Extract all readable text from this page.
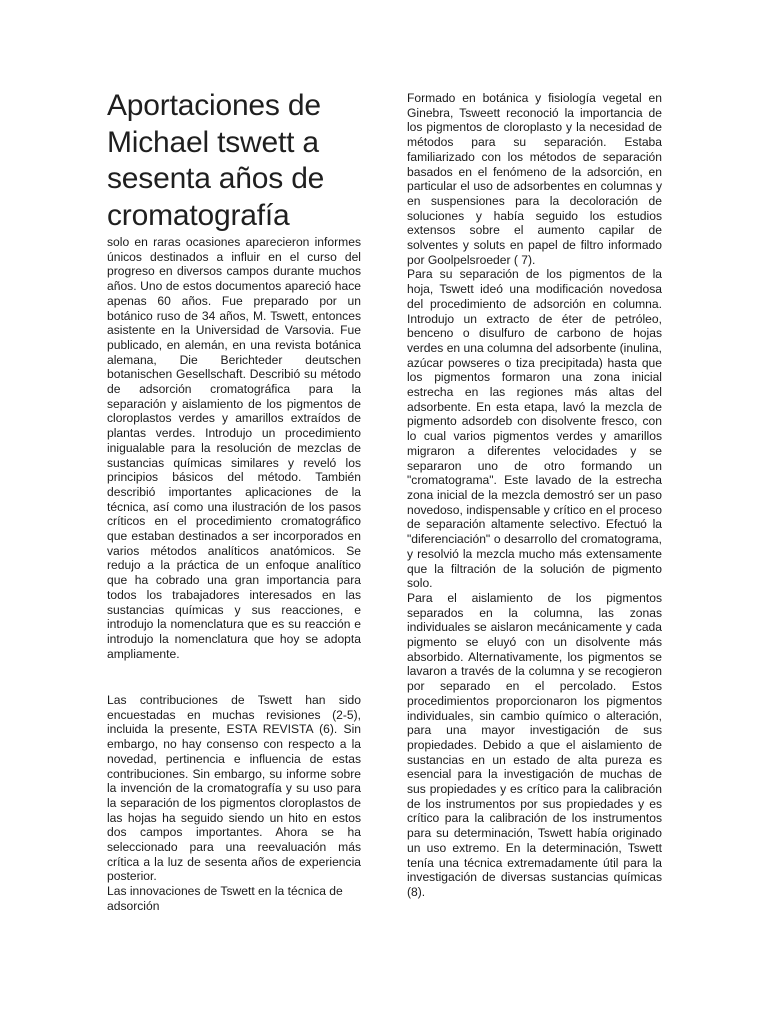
Aportaciones de Michael tswett a sesenta años de cromatografía

solo en raras ocasiones aparecieron informes únicos destinados a influir en el curso del progreso en diversos campos durante muchos años. Uno de estos documentos apareció hace apenas 60 años. Fue preparado por un botánico ruso de 34 años, M. Tswett, entonces asistente en la Universidad de Varsovia. Fue publicado, en alemán, en una revista botánica alemana, Die Berichteder deutschen botanischen Gesellschaft. Describió su método de adsorción cromatográfica para la separación y aislamiento de los pigmentos de cloroplastos verdes y amarillos extraídos de plantas verdes. Introdujo un procedimiento inigualable para la resolución de mezclas de sustancias químicas similares y reveló los principios básicos del método. También describió importantes aplicaciones de la técnica, así como una ilustración de los pasos críticos en el procedimiento cromatográfico que estaban destinados a ser incorporados en varios métodos analíticos anatómicos. Se redujo a la práctica de un enfoque analítico que ha cobrado una gran importancia para todos los trabajadores interesados en las sustancias químicas y sus reacciones, e introdujo la nomenclatura que es su reacción e introdujo la nomenclatura que hoy se adopta ampliamente.

Las contribuciones de Tswett han sido encuestadas en muchas revisiones (2-5), incluida la presente, ESTA REVISTA (6). Sin embargo, no hay consenso con respecto a la novedad, pertinencia e influencia de estas contribuciones. Sin embargo, su informe sobre la invención de la cromatografía y su uso para la separación de los pigmentos cloroplastos de las hojas ha seguido siendo un hito en estos dos campos importantes. Ahora se ha seleccionado para una reevaluación más crítica a la luz de sesenta años de experiencia posterior.

Las innovaciones de Tswett en la técnica de adsorción

Formado en botánica y fisiología vegetal en Ginebra, Tsweett reconoció la importancia de los pigmentos de cloroplasto y la necesidad de métodos para su separación. Estaba familiarizado con los métodos de separación basados en el fenómeno de la adsorción, en particular el uso de adsorbentes en columnas y en suspensiones para la decoloración de soluciones y había seguido los estudios extensos sobre el aumento capilar de solventes y soluts en papel de filtro informado por Goolpelsroeder ( 7).

Para su separación de los pigmentos de la hoja, Tswett ideó una modificación novedosa del procedimiento de adsorción en columna. Introdujo un extracto de éter de petróleo, benceno o disulfuro de carbono de hojas verdes en una columna del adsorbente (inulina, azúcar powseres o tiza precipitada) hasta que los pigmentos formaron una zona inicial estrecha en las regiones más altas del adsorbente. En esta etapa, lavó la mezcla de pigmento adsordeb con disolvente fresco, con lo cual varios pigmentos verdes y amarillos migraron a diferentes velocidades y se separaron uno de otro formando un "cromatograma". Este lavado de la estrecha zona inicial de la mezcla demostró ser un paso novedoso, indispensable y crítico en el proceso de separación altamente selectivo. Efectuó la "diferenciación" o desarrollo del cromatograma, y resolvió la mezcla mucho más extensamente que la filtración de la solución de pigmento solo.

Para el aislamiento de los pigmentos separados en la columna, las zonas individuales se aislaron mecánicamente y cada pigmento se eluyó con un disolvente más absorbido. Alternativamente, los pigmentos se lavaron a través de la columna y se recogieron por separado en el percolado. Estos procedimientos proporcionaron los pigmentos individuales, sin cambio químico o alteración, para una mayor investigación de sus propiedades. Debido a que el aislamiento de sustancias en un estado de alta pureza es esencial para la investigación de muchas de sus propiedades y es crítico para la calibración de los instrumentos por sus propiedades y es crítico para la calibración de los instrumentos para su determinación, Tswett había originado un uso extremo. En la determinación, Tswett tenía una técnica extremadamente útil para la investigación de diversas sustancias químicas (8).
